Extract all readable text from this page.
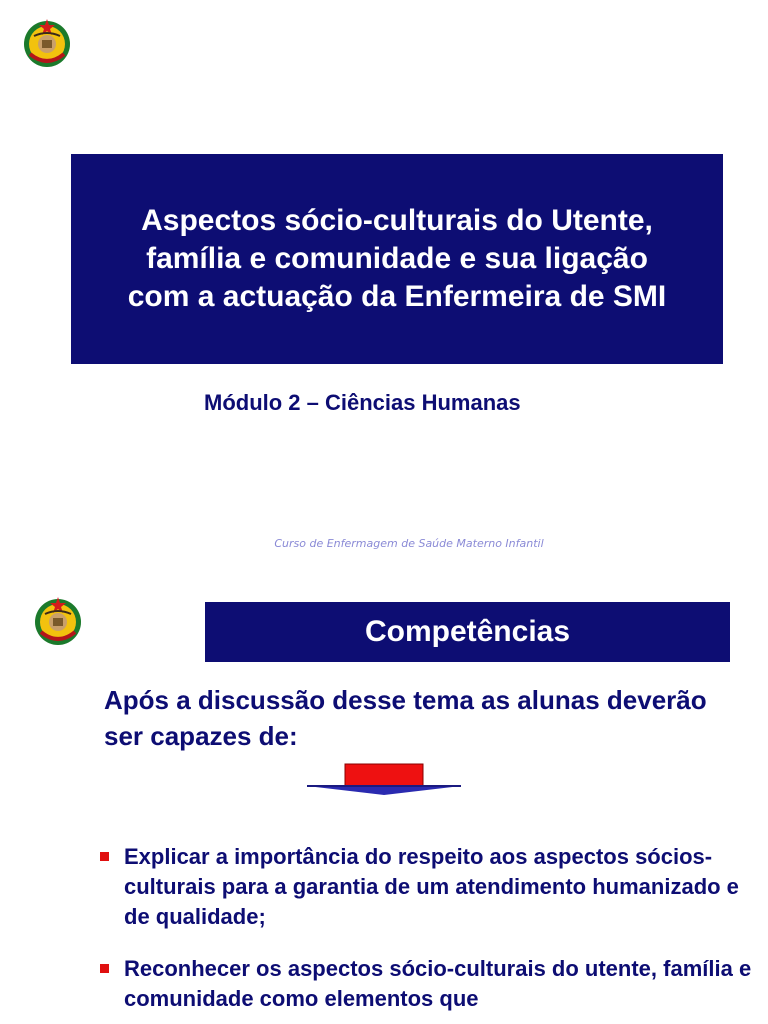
Aspectos sócio-culturais do Utente, família e comunidade e sua ligação com a actuação da Enfermeira de SMI

Módulo 2 – Ciências Humanas

Curso de Enfermagem de Saúde Materno Infantil

Competências

Após a discussão desse tema as alunas deverão ser capazes de:

Explicar a importância do respeito aos aspectos sócios-culturais para a garantia de um atendimento humanizado e de qualidade;
Reconhecer os aspectos sócio-culturais do utente, família e comunidade como elementos que
